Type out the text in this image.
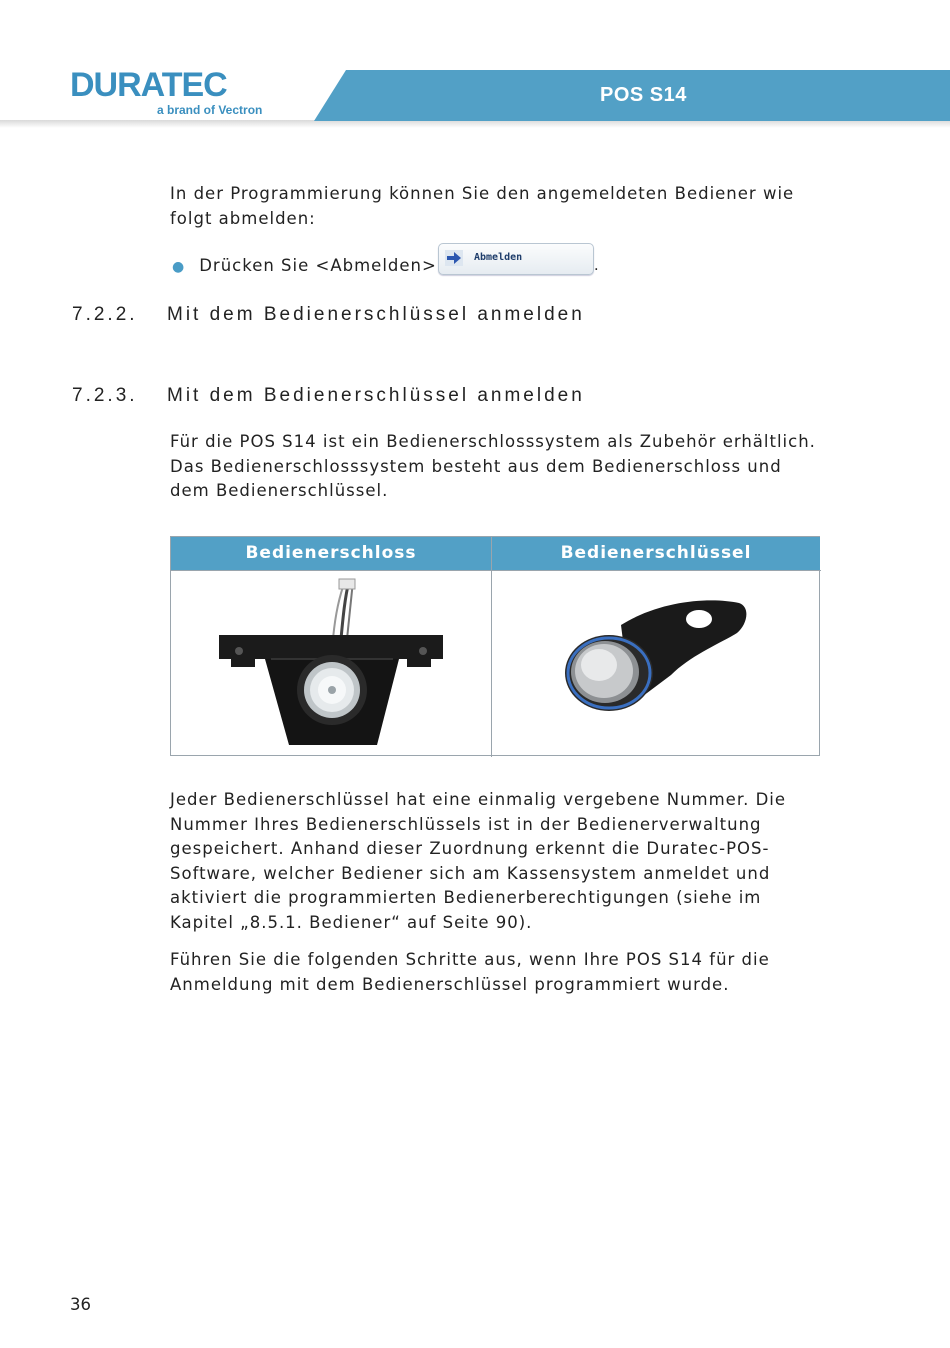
DURATEC
a brand of Vectron
POS S14
In der Programmierung können Sie den angemeldeten Bediener wie
folgt abmelden:
● Drücken Sie <Abmelden>	Abmelden	.
7.2.2. Mit dem Bedienerschlüssel anmelden
7.2.3. Mit dem Bedienerschlüssel anmelden
Für die POS S14 ist ein Bedienerschlosssystem als Zubehör erhältlich.
Das Bedienerschlosssystem besteht aus dem Bedienerschloss und
dem Bedienerschlüssel.
Bedienerschloss	Bedienerschlüssel
Jeder Bedienerschlüssel hat eine einmalig vergebene Nummer. Die
Nummer Ihres Bedienerschlüssels ist in der Bedienerverwaltung
gespeichert. Anhand dieser Zuordnung erkennt die Duratec-POS-
Software, welcher Bediener sich am Kassensystem anmeldet und
aktiviert die programmierten Bedienerberechtigungen (siehe im
Kapitel „8.5.1. Bediener“ auf Seite 90).
Führen Sie die folgenden Schritte aus, wenn Ihre POS S14 für die
Anmeldung mit dem Bedienerschlüssel programmiert wurde.
36
